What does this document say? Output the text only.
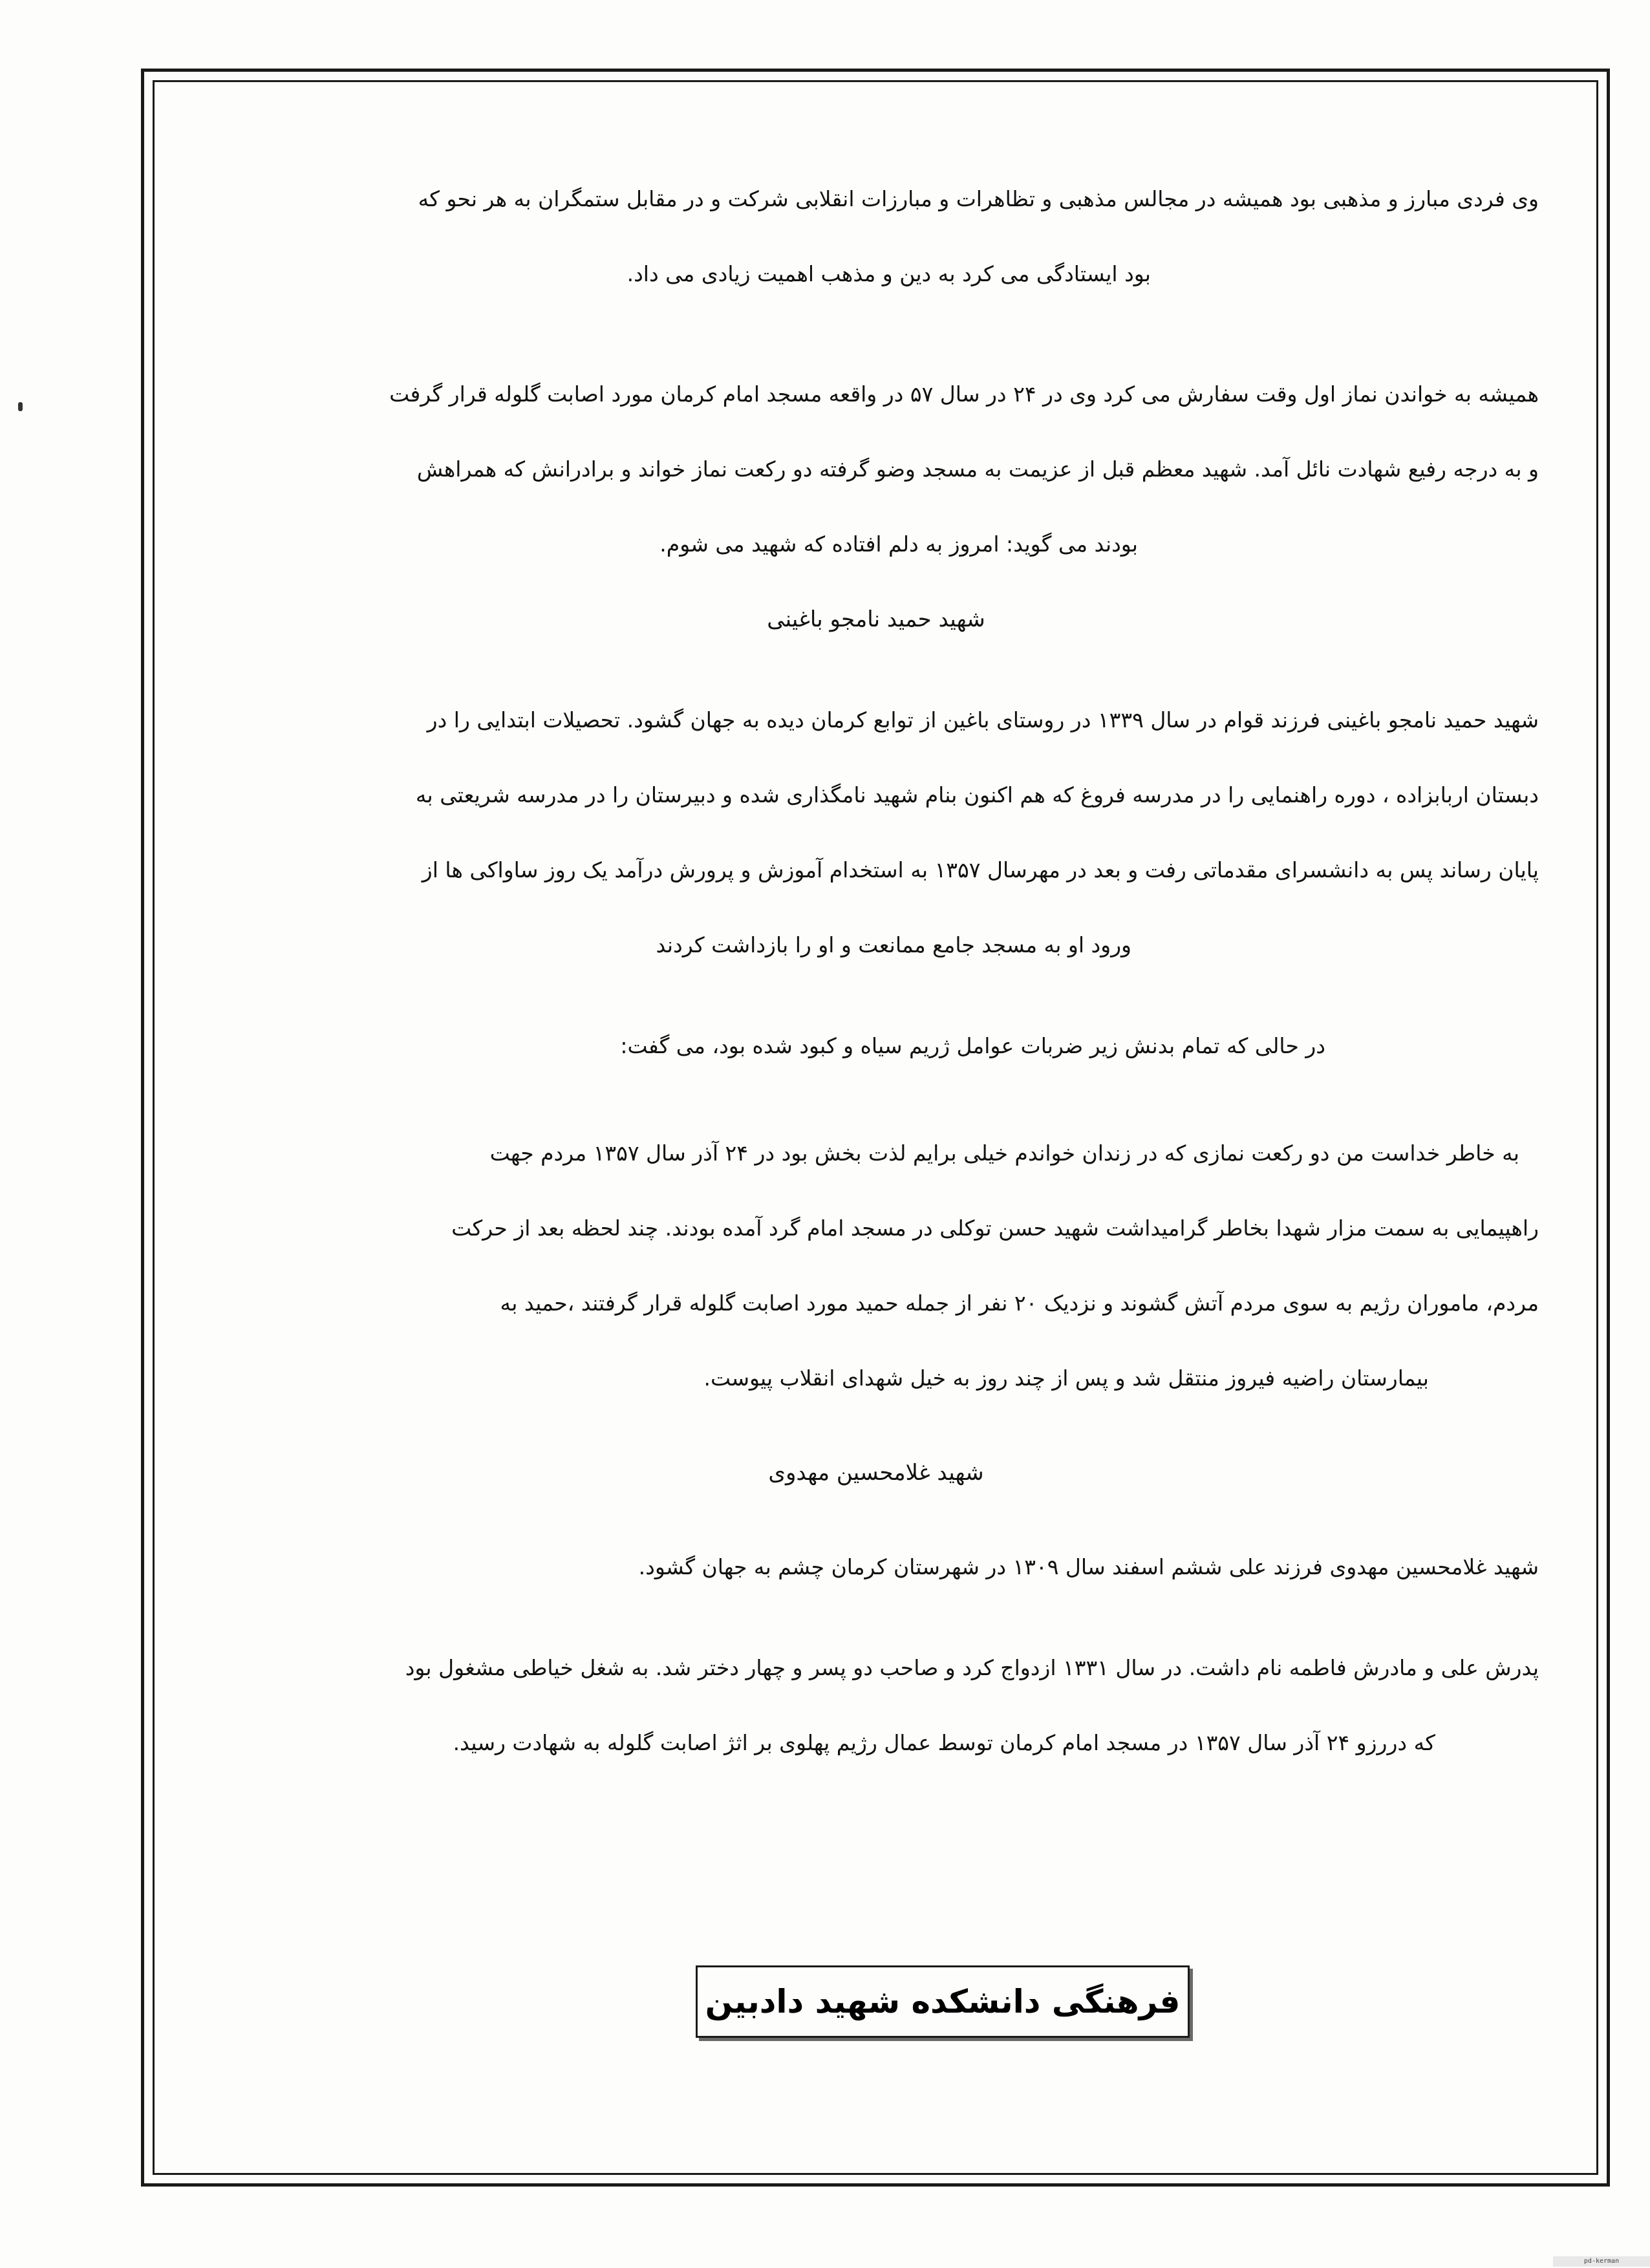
وی فردی مبارز و مذهبی بود همیشه در مجالس مذهبی و تظاهرات و مبارزات انقلابی شرکت و در مقابل ستمگران به هر نحو که

بود ایستادگی می کرد به دین و مذهب اهمیت زیادی می داد.

همیشه به خواندن نماز اول وقت سفارش می کرد وی در ۲۴ در سال ۵۷ در واقعه مسجد امام کرمان مورد اصابت گلوله قرار گرفت

و به درجه رفیع شهادت نائل آمد. شهید معظم قبل از عزیمت به مسجد وضو گرفته دو رکعت نماز خواند و برادرانش که همراهش

بودند می گوید: امروز به دلم افتاده که شهید می شوم.

شهید حمید نامجو باغینی

شهید حمید نامجو باغینی فرزند قوام در سال ۱۳۳۹ در روستای باغین از توابع کرمان دیده به جهان گشود. تحصیلات ابتدایی را در

دبستان اربابزاده ، دوره راهنمایی را در مدرسه فروغ که هم اکنون بنام شهید نامگذاری شده و دبیرستان را در مدرسه شریعتی به

پایان رساند پس به دانشسرای مقدماتی رفت و بعد در مهرسال ۱۳۵۷ به استخدام آموزش و پرورش درآمد یک روز ساواکی ها از

ورود او به مسجد جامع ممانعت و او را بازداشت کردند

در حالی که تمام بدنش زیر ضربات عوامل ژریم سیاه و کبود شده بود، می گفت:

به خاطر خداست من دو رکعت نمازی که در زندان خواندم خیلی برایم لذت بخش بود در ۲۴ آذر سال ۱۳۵۷ مردم جهت

راهپیمایی به سمت مزار شهدا بخاطر گرامیداشت شهید حسن توکلی در مسجد امام گرد آمده بودند. چند لحظه بعد از حرکت

مردم، ماموران رژیم به سوی مردم آتش گشوند و نزدیک ۲۰ نفر از جمله حمید مورد اصابت گلوله قرار گرفتند ،حمید به

بیمارستان راضیه فیروز منتقل شد و پس از چند روز به خیل شهدای انقلاب پیوست.

شهید غلامحسین مهدوی

شهید غلامحسین مهدوی فرزند علی ششم اسفند سال ۱۳۰۹ در شهرستان کرمان چشم به جهان گشود.

پدرش علی و مادرش فاطمه نام داشت. در سال ۱۳۳۱ ازدواج کرد و صاحب دو پسر و چهار دختر شد. به شغل خیاطی مشغول بود

که دررزو ۲۴ آذر سال ۱۳۵۷ در مسجد امام کرمان توسط عمال رژیم پهلوی بر اثژ اصابت گلوله به شهادت رسید.

فرهنگی دانشکده شهید دادبین
pd-kerman
